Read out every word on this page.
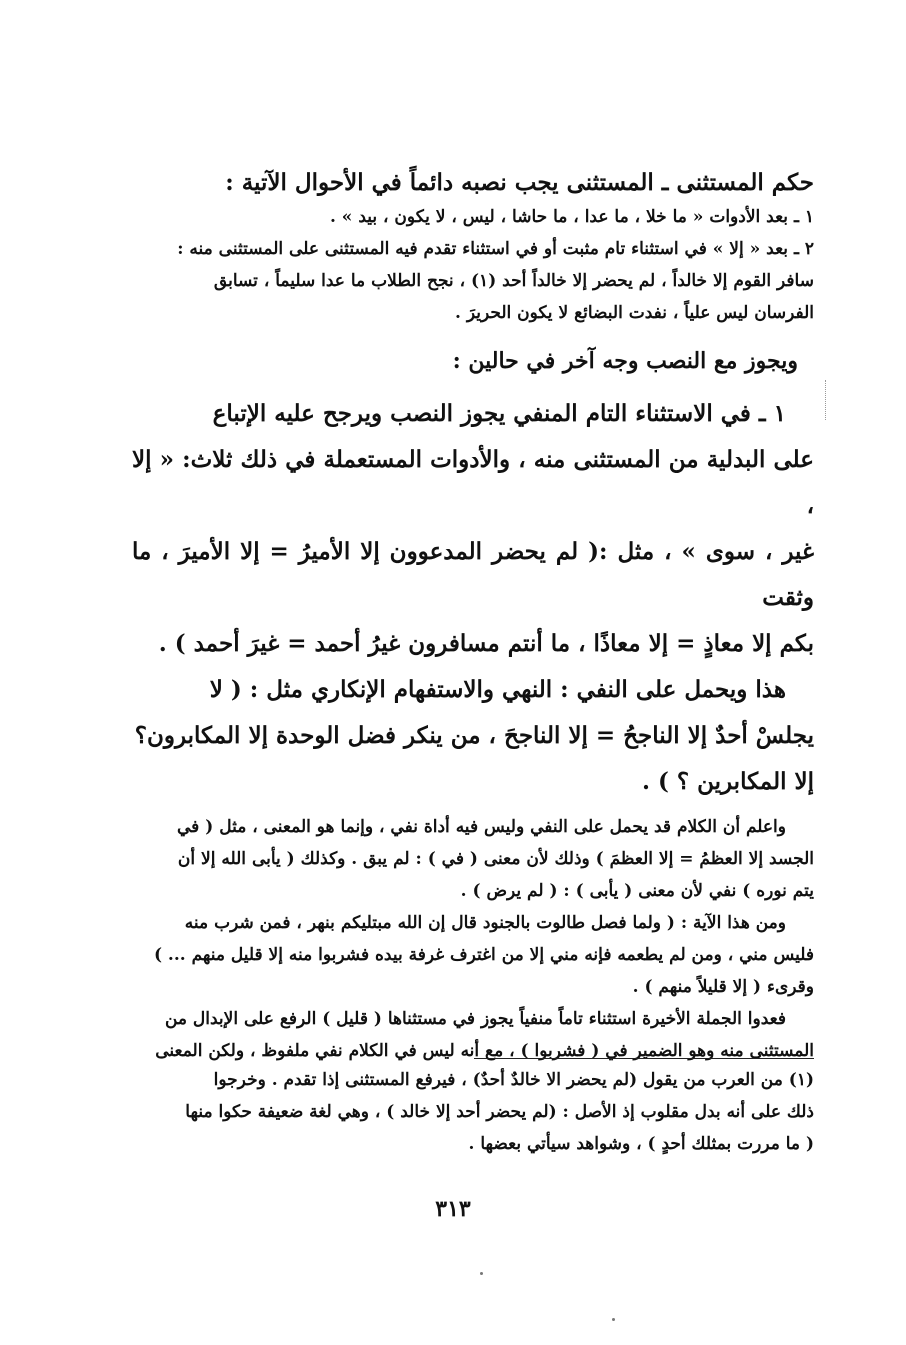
حكم المستثنى ـ المستثنى يجب نصبه دائماً في الأحوال الآتية :

١ ـ بعد الأدوات « ما خلا ، ما عدا ، ما حاشا ، ليس ، لا يكون ، بيد » .

٢ ـ بعد « إلا » في استثناء تام مثبت أو في استثناء تقدم فيه المستثنى على المستثنى منه :

سافر القوم إلا خالداً ، لم يحضر إلا خالداً أحد (١) ، نجح الطلاب ما عدا سليماً ، تسابق

الفرسان ليس علياً ، نفدت البضائع لا يكون الحريرَ .

ويجوز مع النصب وجه آخر في حالين :

١ ـ في الاستثناء التام المنفي يجوز النصب ويرجح عليه الإتباع

على البدلية من المستثنى منه ، والأدوات المستعملة في ذلك ثلاث: « إلا ،

غير ، سوى » ، مثل :( لم يحضر المدعوون إلا الأميرُ = إلا الأميرَ ، ما وثقت

بكم إلا معاذٍ = إلا معاذًا ، ما أنتم مسافرون غيرُ أحمد = غيرَ أحمد ) .

هذا ويحمل على النفي : النهي والاستفهام الإنكاري مثل : ( لا

يجلسْ أحدٌ إلا الناجحُ = إلا الناجحَ ، من ينكر فضل الوحدة إلا المكابرون؟

إلا المكابرين ؟ ) .

واعلم أن الكلام قد يحمل على النفي وليس فيه أداة نفي ، وإنما هو المعنى ، مثل ( في

الجسد إلا العظمُ = إلا العظمَ ) وذلك لأن معنى ( في ) : لم يبق . وكذلك ( يأبى الله إلا أن

يتم نوره ) نفي لأن معنى ( يأبى ) : ( لم يرض ) .

ومن هذا الآية : ( ولما فصل طالوت بالجنود قال إن الله مبتليكم بنهر ، فمن شرب منه

فليس مني ، ومن لم يطعمه فإنه مني إلا من اغترف غرفة بيده فشربوا منه إلا قليل منهم ... )

وقرىء ( إلا قليلاً منهم ) .

فعدوا الجملة الأخيرة استثناء تاماً منفياً يجوز في مستثناها ( قليل ) الرفع على الإبدال من

المستثنى منه وهو الضمير في ( فشربوا ) ، مع أنه ليس في الكلام نفي ملفوظ ، ولكن المعنى

(١) من العرب من يقول (لم يحضر الا خالدٌ أحدٌ) ، فيرفع المستثنى إذا تقدم . وخرجوا

ذلك على أنه بدل مقلوب إذ الأصل : (لم يحضر أحد إلا خالد ) ، وهي لغة ضعيفة حكوا منها

( ما مررت بمثلك أحدٍ ) ، وشواهد سيأتي بعضها .

٣١٣
